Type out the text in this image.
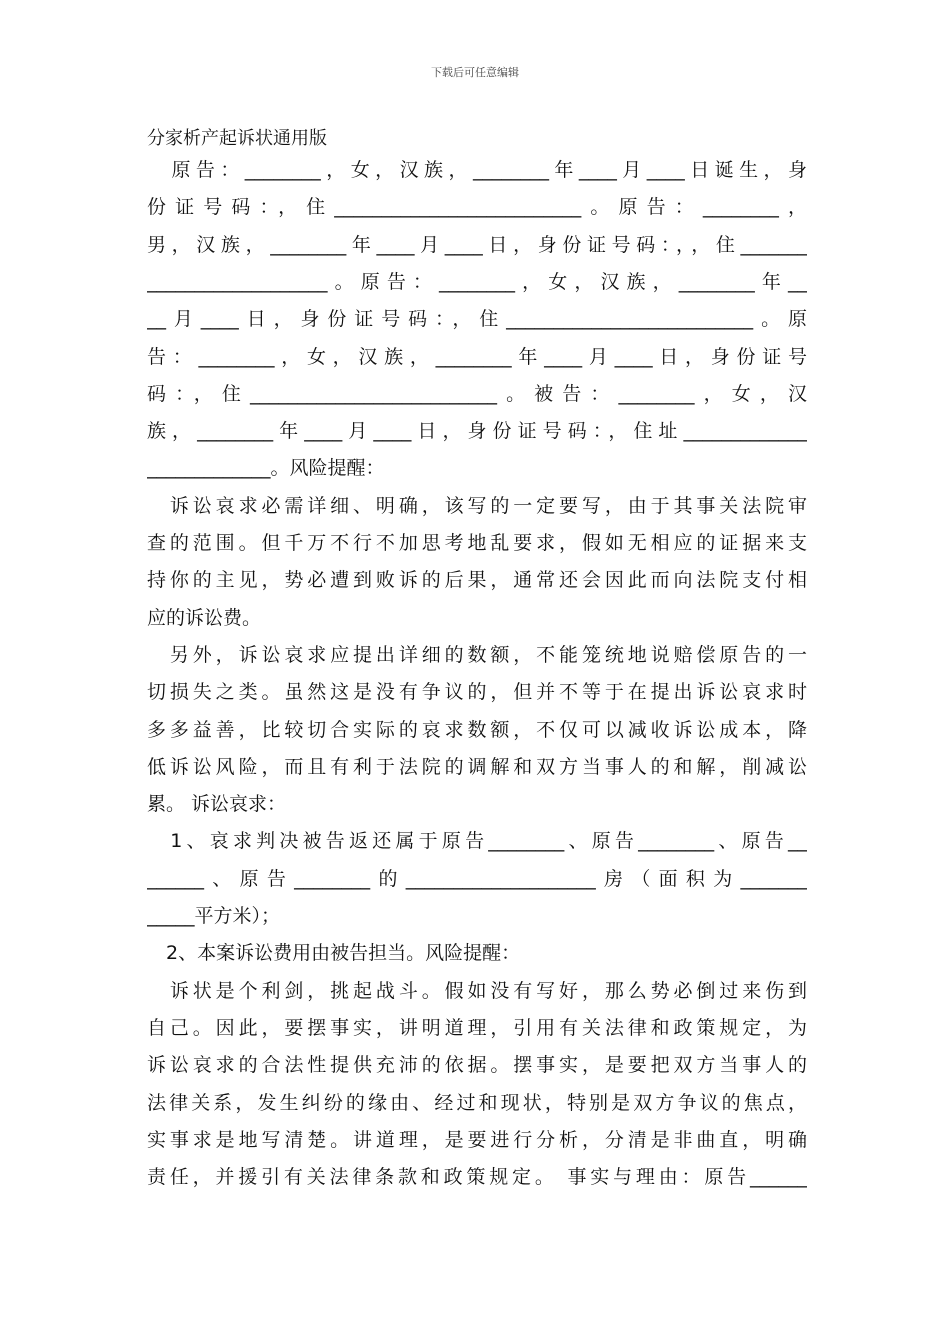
下载后可任意编辑
分家析产起诉状通用版
　原告：________，女，汉族，________年____月____日诞生，身
份证号码：，住__________________________。原告：________，
男，汉族，________年____月____日，身份证号码：，，住_______
___________________。原告：________，女，汉族，________年__
__月____日，身份证号码：，住__________________________。原
告：________，女，汉族，________年____月____日，身份证号
码：，住__________________________。被告：________，女，汉
族，________年____月____日，身份证号码：，住址_____________
_____________。风险提醒：
　诉讼哀求必需详细、明确，该写的一定要写，由于其事关法院审
查的范围。但千万不行不加思考地乱要求，假如无相应的证据来支
持你的主见，势必遭到败诉的后果，通常还会因此而向法院支付相
应的诉讼费。
　另外，诉讼哀求应提出详细的数额，不能笼统地说赔偿原告的一
切损失之类。虽然这是没有争议的，但并不等于在提出诉讼哀求时
多多益善，比较切合实际的哀求数额，不仅可以减收诉讼成本，降
低诉讼风险，而且有利于法院的调解和双方当事人的和解，削减讼
累。 诉讼哀求：
　1、哀求判决被告返还属于原告________、原告________、原告__
______、原告________的____________________房（面积为_______
_____平方米）；
　2、本案诉讼费用由被告担当。风险提醒：
　诉状是个利剑，挑起战斗。假如没有写好，那么势必倒过来伤到
自己。因此，要摆事实，讲明道理，引用有关法律和政策规定，为
诉讼哀求的合法性提供充沛的依据。摆事实，是要把双方当事人的
法律关系，发生纠纷的缘由、经过和现状，特别是双方争议的焦点，
实事求是地写清楚。讲道理，是要进行分析，分清是非曲直，明确
责任，并援引有关法律条款和政策规定。 事实与理由：原告______
